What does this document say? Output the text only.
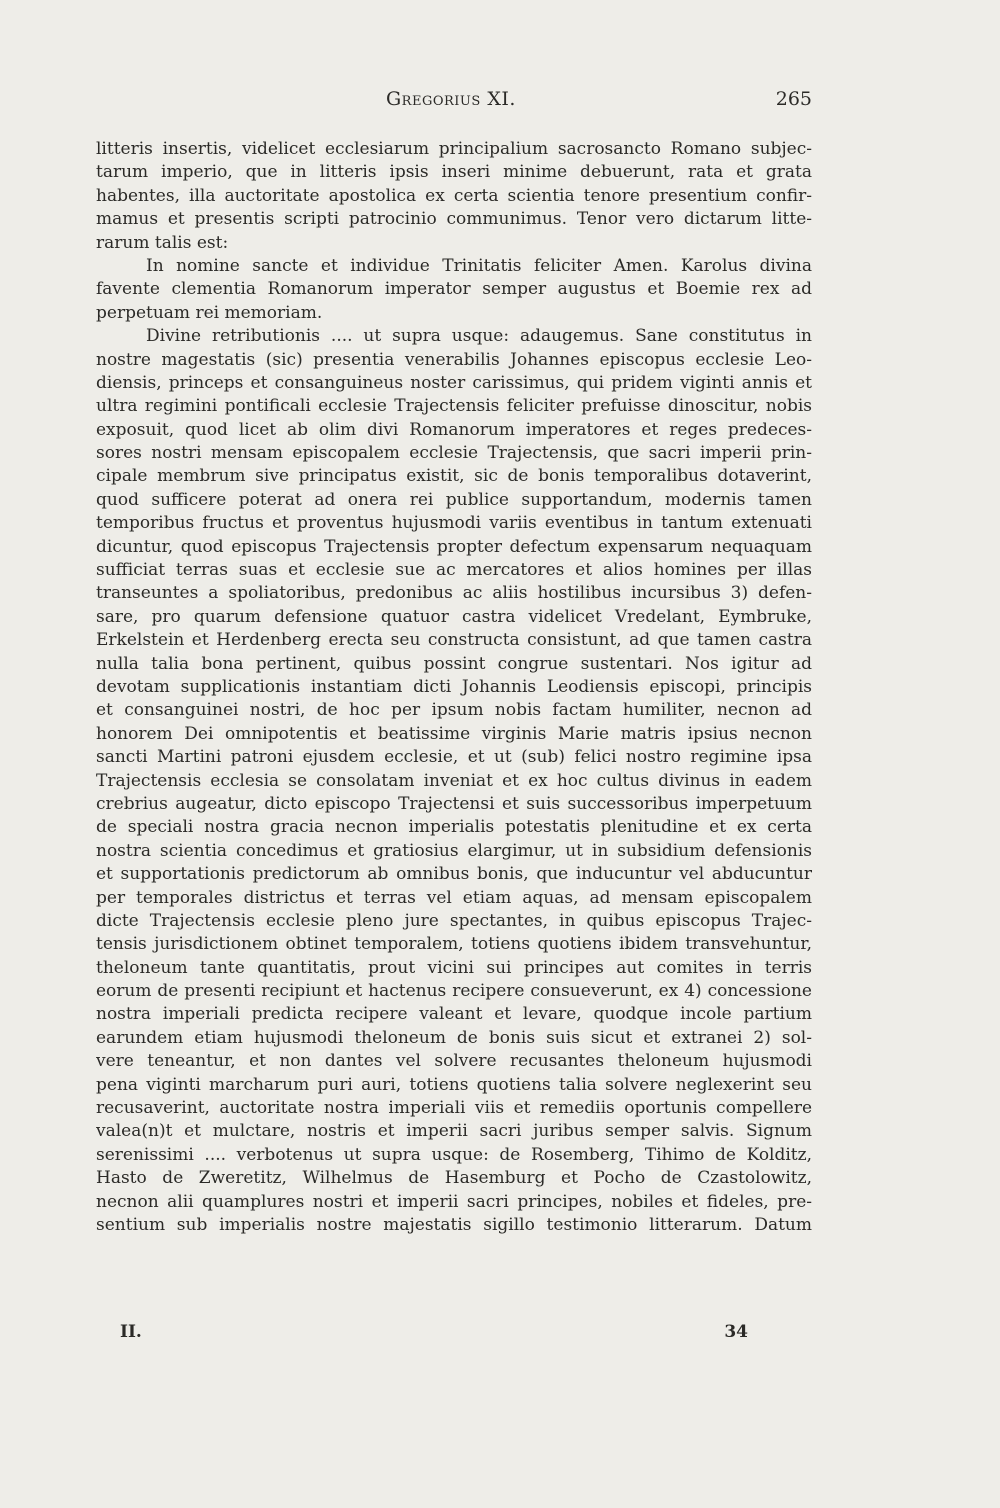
Gregorius XI.	265
litteris insertis, videlicet ecclesiarum principalium sacrosancto Romano subjec-
tarum imperio, que in litteris ipsis inseri minime debuerunt, rata et grata
habentes, illa auctoritate apostolica ex certa scientia tenore presentium confir-
mamus et presentis scripti patrocinio communimus. Tenor vero dictarum litte-
rarum talis est:
In nomine sancte et individue Trinitatis feliciter Amen. Karolus divina
favente clementia Romanorum imperator semper augustus et Boemie rex ad
perpetuam rei memoriam.
Divine retributionis .... ut supra usque: adaugemus. Sane constitutus in
nostre magestatis (sic) presentia venerabilis Johannes episcopus ecclesie Leo-
diensis, princeps et consanguineus noster carissimus, qui pridem viginti annis et
ultra regimini pontificali ecclesie Trajectensis feliciter prefuisse dinoscitur, nobis
exposuit, quod licet ab olim divi Romanorum imperatores et reges predeces-
sores nostri mensam episcopalem ecclesie Trajectensis, que sacri imperii prin-
cipale membrum sive principatus existit, sic de bonis temporalibus dotaverint,
quod sufficere poterat ad onera rei publice supportandum, modernis tamen
temporibus fructus et proventus hujusmodi variis eventibus in tantum extenuati
dicuntur, quod episcopus Trajectensis propter defectum expensarum nequaquam
sufficiat terras suas et ecclesie sue ac mercatores et alios homines per illas
transeuntes a spoliatoribus, predonibus ac aliis hostilibus incursibus 3) defen-
sare, pro quarum defensione quatuor castra videlicet Vredelant, Eymbruke,
Erkelstein et Herdenberg erecta seu constructa consistunt, ad que tamen castra
nulla talia bona pertinent, quibus possint congrue sustentari. Nos igitur ad
devotam supplicationis instantiam dicti Johannis Leodiensis episcopi, principis
et consanguinei nostri, de hoc per ipsum nobis factam humiliter, necnon ad
honorem Dei omnipotentis et beatissime virginis Marie matris ipsius necnon
sancti Martini patroni ejusdem ecclesie, et ut (sub) felici nostro regimine ipsa
Trajectensis ecclesia se consolatam inveniat et ex hoc cultus divinus in eadem
crebrius augeatur, dicto episcopo Trajectensi et suis successoribus imperpetuum
de speciali nostra gracia necnon imperialis potestatis plenitudine et ex certa
nostra scientia concedimus et gratiosius elargimur, ut in subsidium defensionis
et supportationis predictorum ab omnibus bonis, que inducuntur vel abducuntur
per temporales districtus et terras vel etiam aquas, ad mensam episcopalem
dicte Trajectensis ecclesie pleno jure spectantes, in quibus episcopus Trajec-
tensis jurisdictionem obtinet temporalem, totiens quotiens ibidem transvehuntur,
theloneum tante quantitatis, prout vicini sui principes aut comites in terris
eorum de presenti recipiunt et hactenus recipere consueverunt, ex 4) concessione
nostra imperiali predicta recipere valeant et levare, quodque incole partium
earundem etiam hujusmodi theloneum de bonis suis sicut et extranei 2) sol-
vere teneantur, et non dantes vel solvere recusantes theloneum hujusmodi
pena viginti marcharum puri auri, totiens quotiens talia solvere neglexerint seu
recusaverint, auctoritate nostra imperiali viis et remediis oportunis compellere
valea(n)t et mulctare, nostris et imperii sacri juribus semper salvis. Signum
serenissimi .... verbotenus ut supra usque: de Rosemberg, Tihimo de Kolditz,
Hasto de Zweretitz, Wilhelmus de Hasemburg et Pocho de Czastolowitz,
necnon alii quamplures nostri et imperii sacri principes, nobiles et fideles, pre-
sentium sub imperialis nostre majestatis sigillo testimonio litterarum. Datum
II.	34
